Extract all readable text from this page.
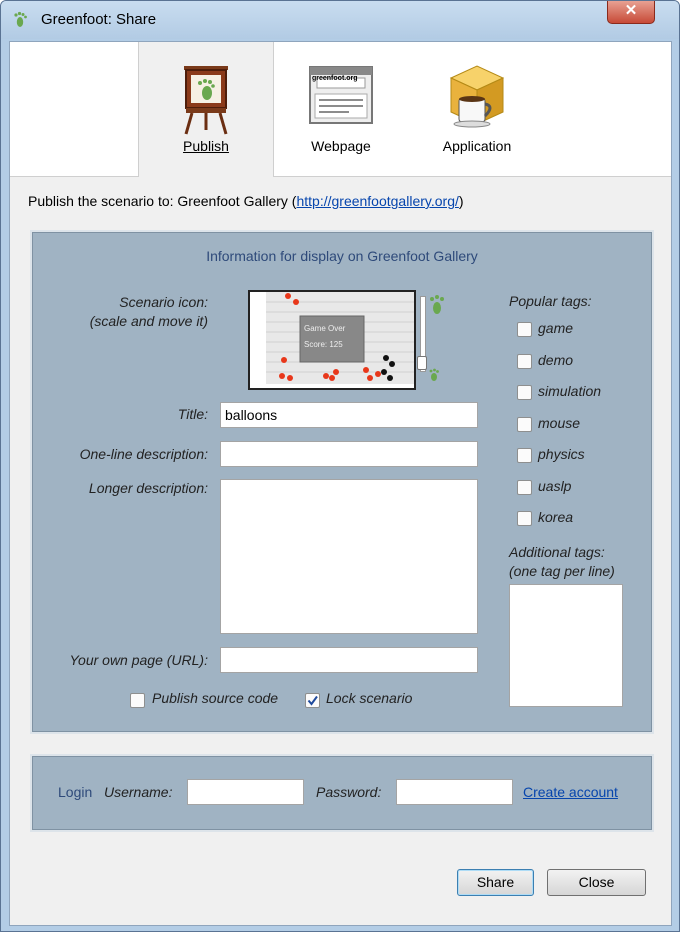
Greenfoot: Share
✕
Publish
greenfoot.org
Webpage	Application
Publish the scenario to: Greenfoot Gallery (http://greenfootgallery.org/)
Information for display on Greenfoot Gallery
Scenario icon:
(scale and move it)	Game Over
Score: 125
Title:
balloons
One-line description:
Longer description:
Your own page (URL):
Publish source code	Lock scenario
Popular tags:
game
demo
simulation
mouse
physics
uaslp
korea
Additional tags:
(one tag per line)
Login Username:	Password:	Create account
Share	Close
